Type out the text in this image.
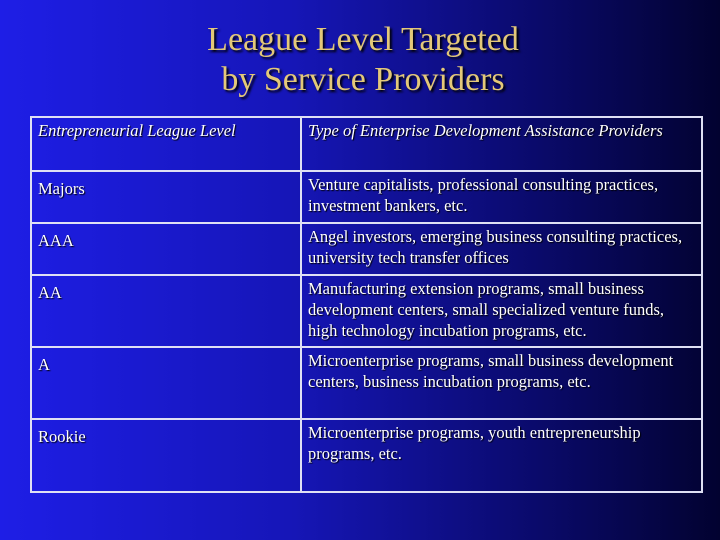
League Level Targeted
by Service Providers
Entrepreneurial League Level	Type of Enterprise Development Assistance Providers
Majors	Venture capitalists, professional consulting practices, investment bankers, etc.
AAA	Angel investors, emerging business consulting practices, university tech transfer offices
AA	Manufacturing extension programs, small business development centers, small specialized venture funds, high technology incubation programs, etc.
A	Microenterprise programs, small business development centers, business incubation programs, etc.
Rookie	Microenterprise programs, youth entrepreneurship programs, etc.
